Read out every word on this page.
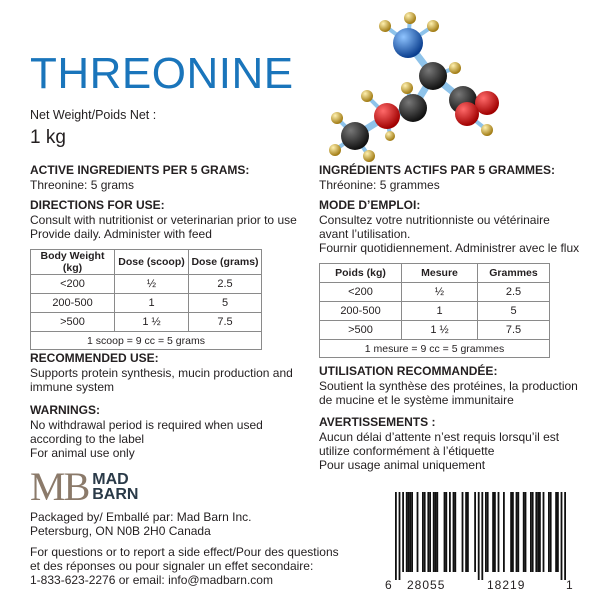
THREONINE
Net Weight/Poids Net :
1 kg
ACTIVE INGREDIENTS PER 5 GRAMS:
Threonine: 5 grams
DIRECTIONS FOR USE:
Consult with nutritionist or veterinarian prior to use
Provide daily. Administer with feed
Body Weight (kg)	Dose (scoop)	Dose (grams)
<200	½	2.5
200-500	1	5
>500	1 ½	7.5
1 scoop = 9 cc = 5 grams		
RECOMMENDED USE:
Supports protein synthesis, mucin production and
immune system
WARNINGS:
No withdrawal period is required when used
according to the label
For animal use only
INGRÉDIENTS ACTIFS PAR 5 GRAMMES:
Thréonine: 5 grammes
MODE D’EMPLOI:
Consultez votre nutritionniste ou vétérinaire
avant l’utilisation.
Fournir quotidiennement. Administrer avec le flux
Poids (kg)	Mesure	Grammes
<200	½	2.5
200-500	1	5
>500	1 ½	7.5
1 mesure = 9 cc = 5 grammes		
UTILISATION RECOMMANDÉE:
Soutient la synthèse des protéines, la production
de mucine et le système immunitaire
AVERTISSEMENTS :
Aucun délai d’attente n’est requis lorsqu’il est
utilize conformément à l’étiquette
Pour usage animal uniquement
MB MAD
BARN
Packaged by/ Emballé par: Mad Barn Inc.
Petersburg, ON N0B 2H0 Canada
For questions or to report a side effect/Pour des questions
et des réponses ou pour signaler un effet secondaire:
1-833-623-2276 or email: info@madbarn.com	6 28055	18219	1
